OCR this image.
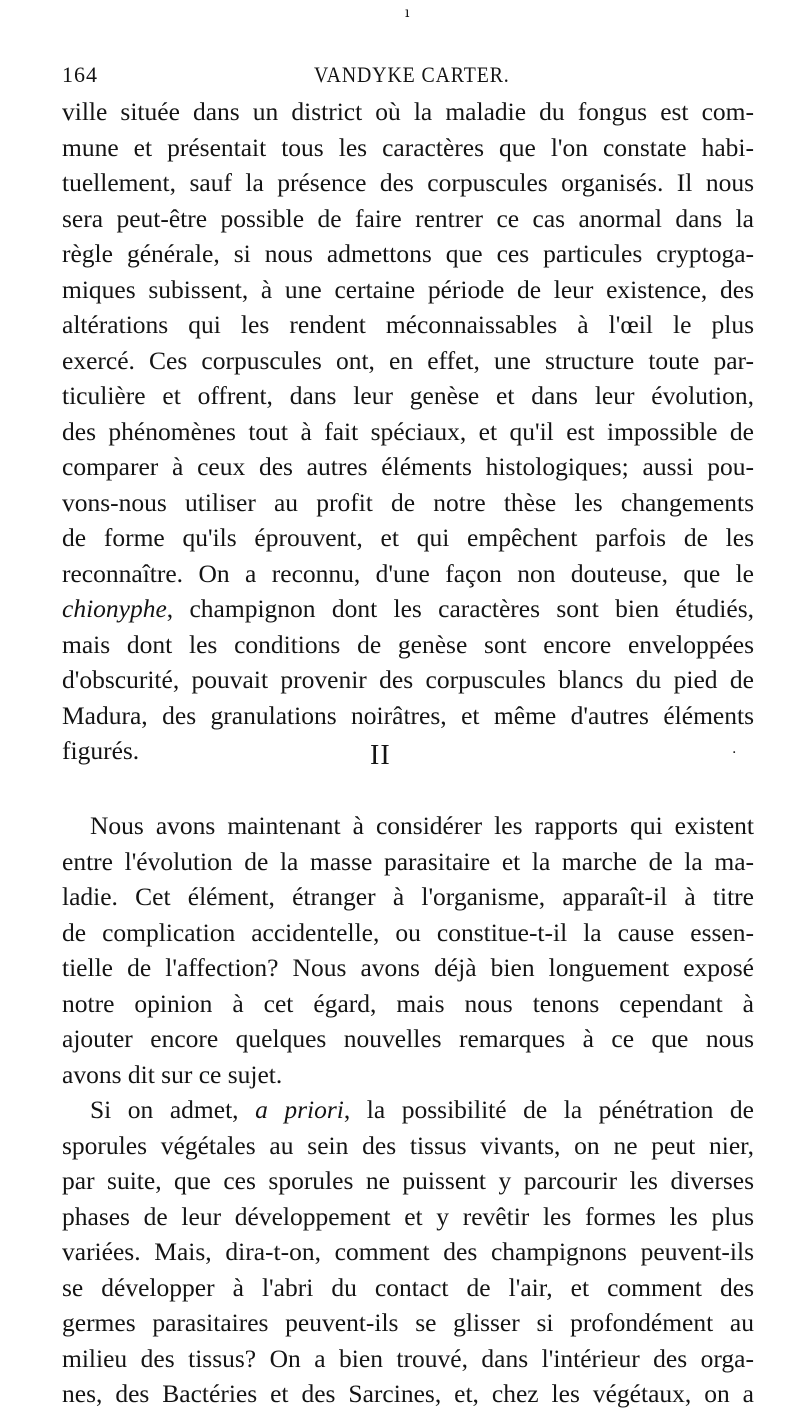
ı
164	VANDYKE CARTER.
ville située dans un district où la maladie du fongus est com-
mune et présentait tous les caractères que l'on constate habi-
tuellement, sauf la présence des corpuscules organisés. Il nous
sera peut-être possible de faire rentrer ce cas anormal dans la
règle générale, si nous admettons que ces particules cryptoga-
miques subissent, à une certaine période de leur existence, des
altérations qui les rendent méconnaissables à l'œil le plus
exercé. Ces corpuscules ont, en effet, une structure toute par-
ticulière et offrent, dans leur genèse et dans leur évolution,
des phénomènes tout à fait spéciaux, et qu'il est impossible de
comparer à ceux des autres éléments histologiques; aussi pou-
vons-nous utiliser au profit de notre thèse les changements
de forme qu'ils éprouvent, et qui empêchent parfois de les
reconnaître. On a reconnu, d'une façon non douteuse, que le
chionyphe, champignon dont les caractères sont bien étudiés,
mais dont les conditions de genèse sont encore enveloppées
d'obscurité, pouvait provenir des corpuscules blancs du pied de
Madura, des granulations noirâtres, et même d'autres éléments
figurés.	II	·
Nous avons maintenant à considérer les rapports qui existent
entre l'évolution de la masse parasitaire et la marche de la ma-
ladie. Cet élément, étranger à l'organisme, apparaît-il à titre
de complication accidentelle, ou constitue-t-il la cause essen-
tielle de l'affection? Nous avons déjà bien longuement exposé
notre opinion à cet égard, mais nous tenons cependant à
ajouter encore quelques nouvelles remarques à ce que nous
avons dit sur ce sujet.
Si on admet, a priori, la possibilité de la pénétration de
sporules végétales au sein des tissus vivants, on ne peut nier,
par suite, que ces sporules ne puissent y parcourir les diverses
phases de leur développement et y revêtir les formes les plus
variées. Mais, dira-t-on, comment des champignons peuvent-ils
se développer à l'abri du contact de l'air, et comment des
germes parasitaires peuvent-ils se glisser si profondément au
milieu des tissus? On a bien trouvé, dans l'intérieur des orga-
nes, des Bactéries et des Sarcines, et, chez les végétaux, on a
